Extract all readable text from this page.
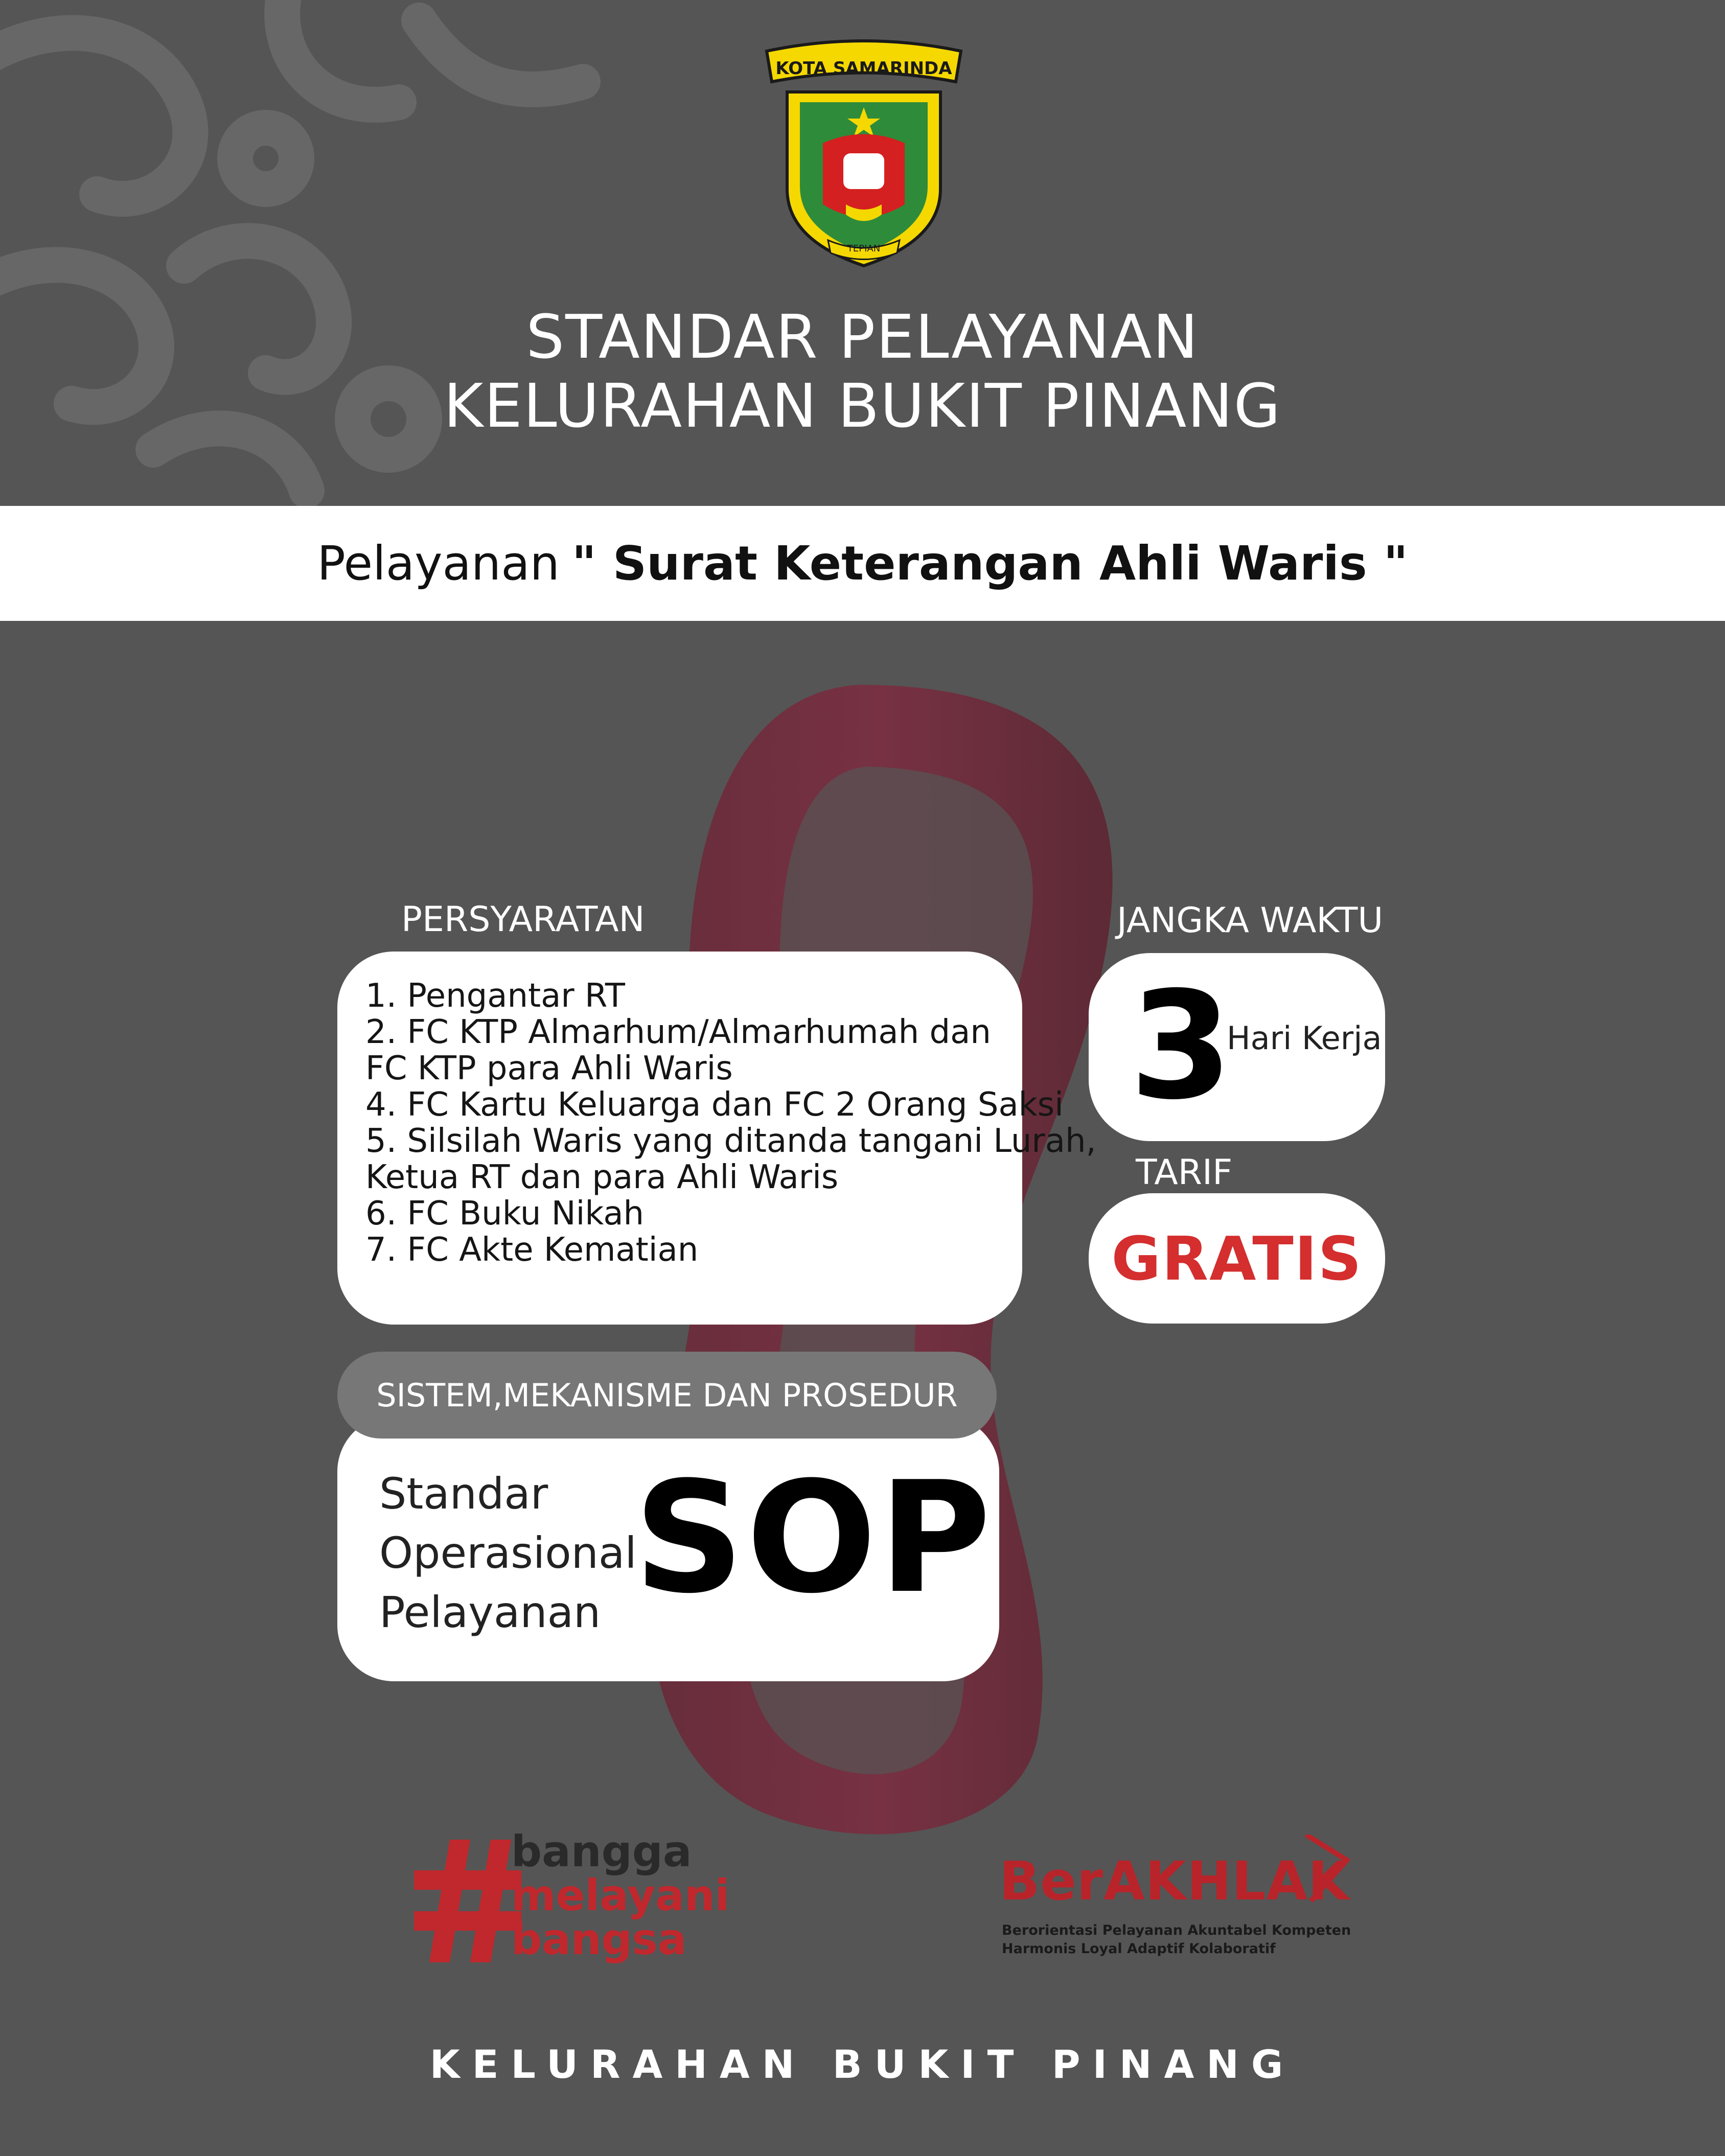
KOTA SAMARINDA
TEPIAN
STANDAR PELAYANAN
KELURAHAN BUKIT PINANG
Pelayanan " Surat Keterangan Ahli Waris "
PERSYARATAN
1. Pengantar RT
2. FC KTP Almarhum/Almarhumah dan
FC KTP para Ahli Waris
4. FC Kartu Keluarga dan FC 2 Orang Saksi
5. Silsilah Waris yang ditanda tangani Lurah,
Ketua RT dan para Ahli Waris
6. FC Buku Nikah
7. FC Akte Kematian
JANGKA WAKTU
3
Hari Kerja
TARIF
GRATIS
Standar
Operasional
Pelayanan SOP
SISTEM,MEKANISME DAN PROSEDUR
bangga
melayani
bangsa
BerAKHLAK
Berorientasi Pelayanan Akuntabel Kompeten
Harmonis Loyal Adaptif Kolaboratif
KELURAHAN BUKIT PINANG
